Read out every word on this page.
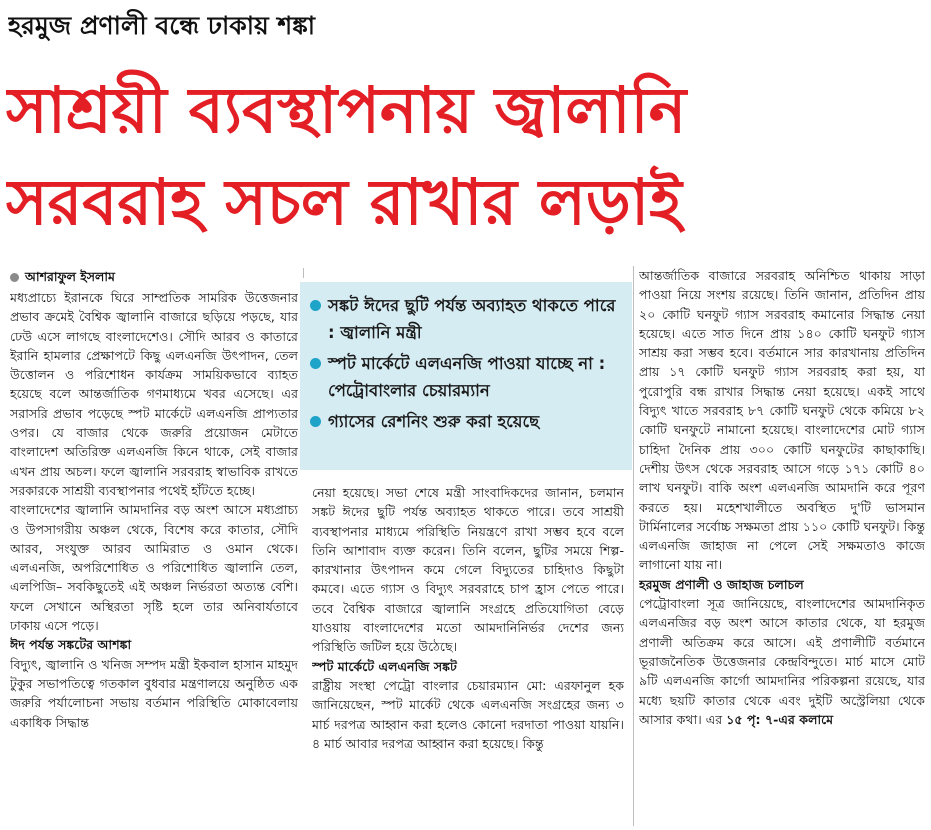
হরমুজ প্রণালী বন্ধে ঢাকায় শঙ্কা
সাশ্রয়ী ব্যবস্থাপনায় জ্বালানি
সরবরাহ সচল রাখার লড়াই
আশরাফুল ইসলাম

মধ্যপ্রাচ্যে ইরানকে ঘিরে সাম্প্রতিক সামরিক উত্তেজনার প্রভাব ক্রমেই বৈশ্বিক জ্বালানি বাজারে ছড়িয়ে পড়ছে, যার ঢেউ এসে লাগছে বাংলাদেশেও। সৌদি আরব ও কাতারে ইরানি হামলার প্রেক্ষাপটে কিছু এলএনজি উৎপাদন, তেল উত্তোলন ও পরিশোধন কার্যক্রম সাময়িকভাবে ব্যাহত হয়েছে বলে আন্তর্জাতিক গণমাধ্যমে খবর এসেছে। এর সরাসরি প্রভাব পড়েছে স্পট মার্কেটে এলএনজি প্রাপ্যতার ওপর। যে বাজার থেকে জরুরি প্রয়োজন মেটাতে বাংলাদেশ অতিরিক্ত এলএনজি কিনে থাকে, সেই বাজার এখন প্রায় অচল। ফলে জ্বালানি সরবরাহ স্বাভাবিক রাখতে সরকারকে সাশ্রয়ী ব্যবস্থাপনার পথেই হাঁটতে হচ্ছে।

বাংলাদেশের জ্বালানি আমদানির বড় অংশ আসে মধ্যপ্রাচ্য ও উপসাগরীয় অঞ্চল থেকে, বিশেষ করে কাতার, সৌদি আরব, সংযুক্ত আরব আমিরাত ও ওমান থেকে। এলএনজি, অপরিশোধিত ও পরিশোধিত জ্বালানি তেল, এলপিজি– সবকিছুতেই এই অঞ্চল নির্ভরতা অত্যন্ত বেশি। ফলে সেখানে অস্থিরতা সৃষ্টি হলে তার অনিবার্যতাবে ঢাকায় এসে পড়ে।

ঈদ পর্যন্ত সঙ্কটের আশঙ্কা

বিদ্যুৎ, জ্বালানি ও খনিজ সম্পদ মন্ত্রী ইকবাল হাসান মাহমুদ টুকুর সভাপতিত্বে গতকাল বুধবার মন্ত্রণালয়ে অনুষ্ঠিত এক জরুরি পর্যালোচনা সভায় বর্তমান পরিস্থিতি মোকাবেলায় একাধিক সিদ্ধান্ত

সঙ্কট ঈদের ছুটি পর্যন্ত অব্যাহত থাকতে পারে : জ্বালানি মন্ত্রী
স্পট মার্কেটে এলএনজি পাওয়া যাচ্ছে না : পেট্রোবাংলার চেয়ারম্যান
গ্যাসের রেশনিং শুরু করা হয়েছে

নেয়া হয়েছে। সভা শেষে মন্ত্রী সাংবাদিকদের জানান, চলমান সঙ্কট ঈদের ছুটি পর্যন্ত অব্যাহত থাকতে পারে। তবে সাশ্রয়ী ব্যবস্থাপনার মাধ্যমে পরিস্থিতি নিয়ন্ত্রণে রাখা সম্ভব হবে বলে তিনি আশাবাদ ব্যক্ত করেন। তিনি বলেন, ছুটির সময়ে শিল্প-কারখানার উৎপাদন কমে গেলে বিদ্যুতের চাহিদাও কিছুটা কমবে। এতে গ্যাস ও বিদ্যুৎ সরবরাহে চাপ হ্রাস পেতে পারে। তবে বৈশ্বিক বাজারে জ্বালানি সংগ্রহে প্রতিযোগিতা বেড়ে যাওয়ায় বাংলাদেশের মতো আমদানিনির্ভর দেশের জন্য পরিস্থিতি জটিল হয়ে উঠেছে।

স্পট মার্কেটে এলএনজি সঙ্কট

রাষ্ট্রীয় সংস্থা পেট্রো বাংলার চেয়ারম্যান মো: এরফানুল হক জানিয়েছেন, স্পট মার্কেট থেকে এলএনজি সংগ্রহের জন্য ৩ মার্চ দরপত্র আহ্বান করা হলেও কোনো দরদাতা পাওয়া যায়নি। ৪ মার্চ আবার দরপত্র আহ্বান করা হয়েছে। কিন্তু

আন্তর্জাতিক বাজারে সরবরাহ অনিশ্চিত থাকায় সাড়া পাওয়া নিয়ে সংশয় রয়েছে। তিনি জানান, প্রতিদিন প্রায় ২০ কোটি ঘনফুট গ্যাস সরবরাহ কমানোর সিদ্ধান্ত নেয়া হয়েছে। এতে সাত দিনে প্রায় ১৪০ কোটি ঘনফুট গ্যাস সাশ্রয় করা সম্ভব হবে। বর্তমানে সার কারখানায় প্রতিদিন প্রায় ১৭ কোটি ঘনফুট গ্যাস সরবরাহ করা হয়, যা পুরোপুরি বন্ধ রাখার সিদ্ধান্ত নেয়া হয়েছে। একই সাথে বিদ্যুৎ খাতে সরবরাহ ৮৭ কোটি ঘনফুট থেকে কমিয়ে ৮২ কোটি ঘনফুটে নামানো হয়েছে। বাংলাদেশের মোট গ্যাস চাহিদা দৈনিক প্রায় ৩০০ কোটি ঘনফুটের কাছাকাছি। দেশীয় উৎস থেকে সরবরাহ আসে গড়ে ১৭১ কোটি ৪০ লাখ ঘনফুট। বাকি অংশ এলএনজি আমদানি করে পূরণ করতে হয়। মহেশখালীতে অবস্থিত দু'টি ভাসমান টার্মিনালের সর্বোচ্চ সক্ষমতা প্রায় ১১০ কোটি ঘনফুট। কিন্তু এলএনজি জাহাজ না পেলে সেই সক্ষমতাও কাজে লাগানো যায় না।

হরমুজ প্রণালী ও জাহাজ চলাচল

পেট্রোবাংলা সূত্র জানিয়েছে, বাংলাদেশের আমদানিকৃত এলএনজির বড় অংশ আসে কাতার থেকে, যা হরমুজ প্রণালী অতিক্রম করে আসে। এই প্রণালীটি বর্তমানে ভূরাজনৈতিক উত্তেজনার কেন্দ্রবিন্দুতে। মার্চ মাসে মোট ৯টি এলএনজি কার্গো আমদানির পরিকল্পনা রয়েছে, যার মধ্যে ছয়টি কাতার থেকে এবং দুইটি অস্ট্রেলিয়া থেকে আসার কথা। এর ১৫ পৃ: ৭-এর কলামে
